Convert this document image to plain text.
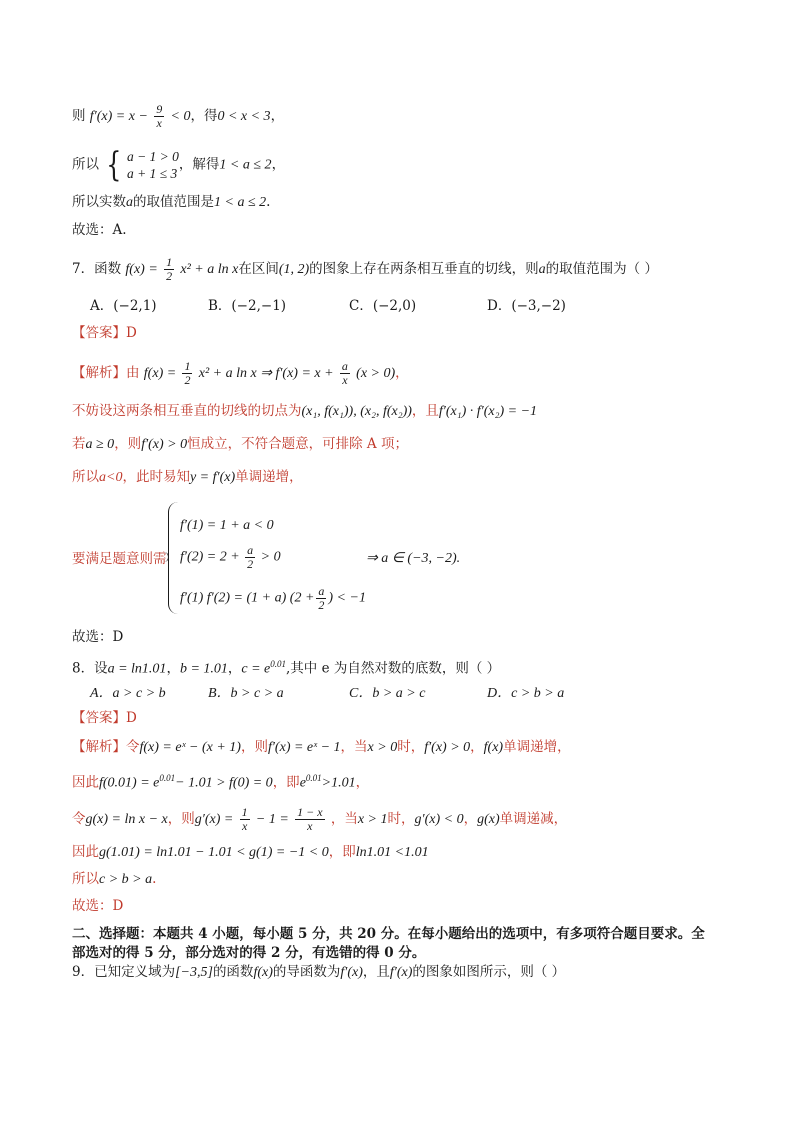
则 $f'(x) = x - \frac{9}{x} < 0$，得0 < x < 3，
所以 { a − 1 > 0
a + 1 ≤ 3
，解得1 < a ≤ 2，
所以实数a的取值范围是1 < a ≤ 2.
故选：A.
7．函数 $f(x) = \frac{1}{2} x^2 + a$ ln x在区间(1, 2)的图象上存在两条相互垂直的切线，则a的取值范围为（ ）
A．(−2,1)	B．(−2,−1)	C．(−2,0)	D．(−3,−2)
【答案】D
【解析】由 $f(x) = \frac{1}{2} x^2 + a$ ln x ⇒ $f'(x) = x + \frac{a}{x} (x > 0)$，
不妨设这两条相互垂直的切线的切点为(x₁, f(x₁)), (x₂, f(x₂))，且f′(x₁) · f′(x₂) = −1
若a ≥ 0，则f′(x) > 0恒成立，不符合题意，可排除 A 项；
所以a<0，此时易知y = f′(x)单调递增，
要满足题意则需
f′(1) = 1 + a < 0
$f'(2) = 2 + \frac{a}{2} > 0$
f′(1) f′(2) = (1 + a) ($2 + \frac{a}{2}$ ) < −1
⇒ a ∈ (−3, −2).
故选：D
8．设a = ln1.01，b = 1.01，$c = e^{0.01}$,其中 e 为自然对数的底数，则（ ）
A．a > c > b	B．b > c > a	C．b > a > c	D．c > b > a
【答案】D
【解析】令f(x) = eˣ − (x + 1)，则f′(x) = eˣ − 1，当x > 0时，f′(x) > 0，f(x)单调递增，
因此$f(0.01) = e^{0.01}- 1.01 > f(0) = 0$，即$e^{0.01}>1.01$，
令g(x) = ln x − x，则$g'(x) = \frac{1}{x} - 1 = \frac{1 - x}{x}$ ，当x > 1时，g′(x) < 0，g(x)单调递减，
因此g(1.01) = ln1.01 − 1.01 < g(1) = −1 < 0，即ln1.01 <1.01
所以c > b > a.
故选：D
二、选择题：本题共 4 小题，每小题 5 分，共 20 分。在每小题给出的选项中，有多项符合题目要求。全
部选对的得 5 分，部分选对的得 2 分，有选错的得 0 分。
9．已知定义域为[−3,5]的函数f(x)的导函数为f′(x)，且f′(x)的图象如图所示，则（ ）
